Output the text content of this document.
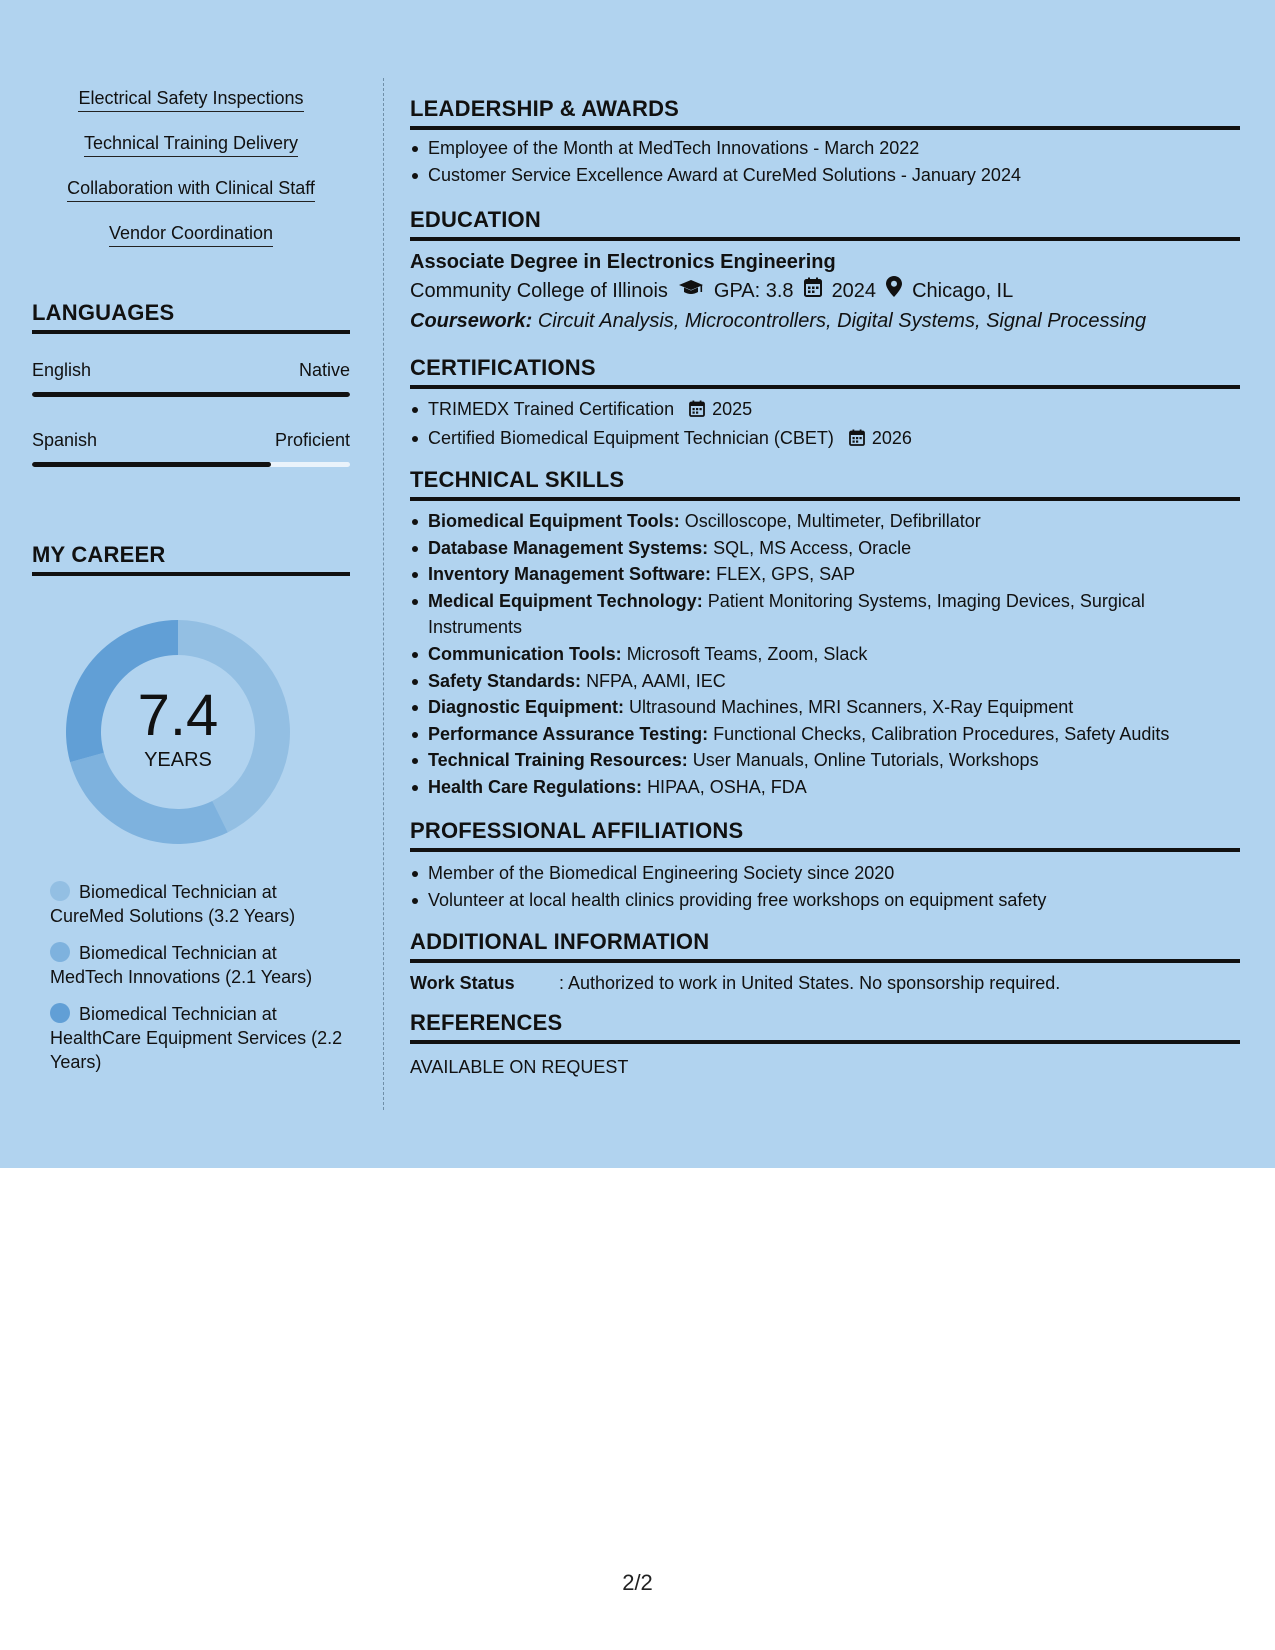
Electrical Safety Inspections
Technical Training Delivery
Collaboration with Clinical Staff
Vendor Coordination
LANGUAGES
English	Native
Spanish	Proficient
MY CAREER
7.4
YEARS
Biomedical Technician at CureMed Solutions (3.2 Years)
Biomedical Technician at MedTech Innovations (2.1 Years)
Biomedical Technician at HealthCare Equipment Services (2.2 Years)
LEADERSHIP & AWARDS
Employee of the Month at MedTech Innovations - March 2022
Customer Service Excellence Award at CureMed Solutions - January 2024
EDUCATION
Associate Degree in Electronics Engineering
Community College of Illinois GPA: 3.8 2024 Chicago, IL
Coursework: Circuit Analysis, Microcontrollers, Digital Systems, Signal Processing
CERTIFICATIONS
TRIMEDX Trained Certification 2025
Certified Biomedical Equipment Technician (CBET) 2026
TECHNICAL SKILLS
Biomedical Equipment Tools: Oscilloscope, Multimeter, Defibrillator
Database Management Systems: SQL, MS Access, Oracle
Inventory Management Software: FLEX, GPS, SAP
Medical Equipment Technology: Patient Monitoring Systems, Imaging Devices, Surgical Instruments
Communication Tools: Microsoft Teams, Zoom, Slack
Safety Standards: NFPA, AAMI, IEC
Diagnostic Equipment: Ultrasound Machines, MRI Scanners, X-Ray Equipment
Performance Assurance Testing: Functional Checks, Calibration Procedures, Safety Audits
Technical Training Resources: User Manuals, Online Tutorials, Workshops
Health Care Regulations: HIPAA, OSHA, FDA
PROFESSIONAL AFFILIATIONS
Member of the Biomedical Engineering Society since 2020
Volunteer at local health clinics providing free workshops on equipment safety
ADDITIONAL INFORMATION
Work Status : Authorized to work in United States. No sponsorship required.
REFERENCES
AVAILABLE ON REQUEST
2/2
